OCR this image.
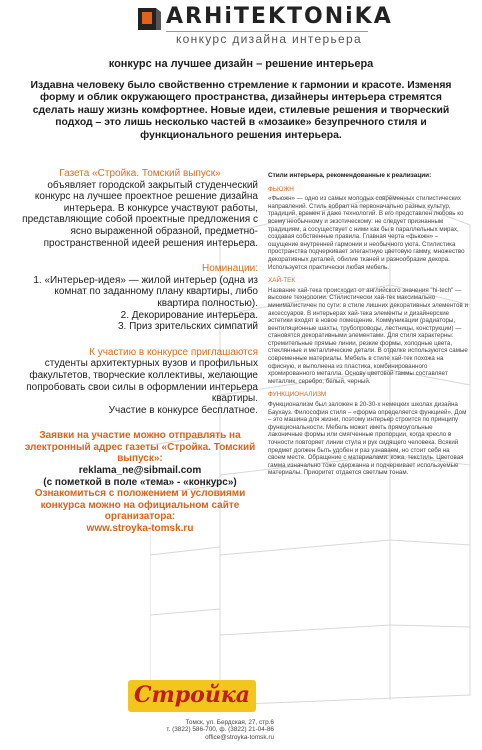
ARHiTEKTONiKA
конкурс дизайна интерьера
конкурс на лучшее дизайн – решение интерьера
Издавна человеку было свойственно стремление к гармонии и красоте. Изменяя форму и облик окружающего пространства, дизайнеры интерьера стремятся сделать нашу жизнь комфортнее. Новые идеи, стилевые решения и творческий подход – это лишь несколько частей в «мозаике» безупречного стиля и функционального решения интерьера.

Газета «Стройка. Томский выпуск»

объявляет городской закрытый студенческий конкурс на лучшее проектное решение дизайна интерьера. В конкурсе участвуют работы, представляющие собой проектные предложения с ясно выраженной образной, предметно-пространственной идеей решения интерьера.

Номинации:

1. «Интерьер-идея» — жилой интерьер (одна из комнат по заданному плану квартиры, либо квартира полностью).

2. Декорирование интерьера.

3. Приз зрительских симпатий

К участию в конкурсе приглашаются

студенты архитектурных вузов и профильных факультетов, творческие коллективы, желающие попробовать свои силы в оформлении интерьера квартиры.

Участие в конкурсе бесплатное.

Заявки на участие можно отправлять на электронный адрес газеты «Стройка. Томский выпуск»:

reklama_ne@sibmail.com

(с пометкой в поле «тема» - «конкурс»)

Ознакомиться с положением и условиями конкурса можно на официальном сайте организатора:

www.stroyka-tomsk.ru

Стили интерьера, рекомендованные к реализации:

ФЬЮЖН

«Фьюжн» — одно из самых молодых современных стилистических направлений. Стиль вобрал на первоначально разных культур, традиций, времен и даже технологий. В его представлен любовь ко всему необычному и экзотическому: не следует признанным традициям, а сосуществует с ними как бы в параллельных мирах, создавая собственные правила. Главная черта «фьюжн» – ощущение внутренней гармонии и необычного уюта. Стилистика пространства подчеркивает элегантную цветовую гамму, множество декоративных деталей, обилие тканей и разнообразие декора. Используется практически любая мебель.

ХАЙ-ТЕК

Название хай-тека происходит от английского значения "hi-tech" — высокие технологии. Стилистически хай-тек максимально минималистичен по сути: в стиле лишних декоративных элементов и аксессуаров. В интерьерах хай-тека элементы и дизайнерские эстетики входят в новое помещение. Коммуникации (радиаторы, вентиляционные шахты, трубопроводы, лестницы, конструкции) — становятся декоративными элементами. Для стиля характерны: стремительные прямые линии, резкие формы, холодные цвета, стеклянные и металлические детали. В отделке используются самые современные материалы. Мебель в стиле хай-тек похожа на офисную, и выполнена из пластика, комбинированного хромированного металла. Основу цветовой гаммы составляет металлик, серебро, белый, черный.

ФУНКЦИОНАЛИЗМ

Функционализм был заложен в 20-30-х немецких школах дизайна Баухауз. Философия стиля – «форма определяется функцией». Дом – это машина для жизни, поэтому интерьер строится по принципу функциональности. Мебель может иметь прямоугольные лаконичные формы или смягченные пропорции, когда кресло в точности повторяет линии стула и рук сидящего человека. Всякий предмет должен быть удобен и раз узнаваем, но стоит себя на своем месте. Обращение с материалами: кожа, текстиль. Цветовая гамма изначально тоже сдержанна и подчеркивает используемые материалы. Приоритет отдается светлым тонам.

Стройка
Томск, ул. Бердская, 27, стр.6
т. (3822) 586-700, ф. (3822) 21-04-86
office@stroyka-tomsk.ru
